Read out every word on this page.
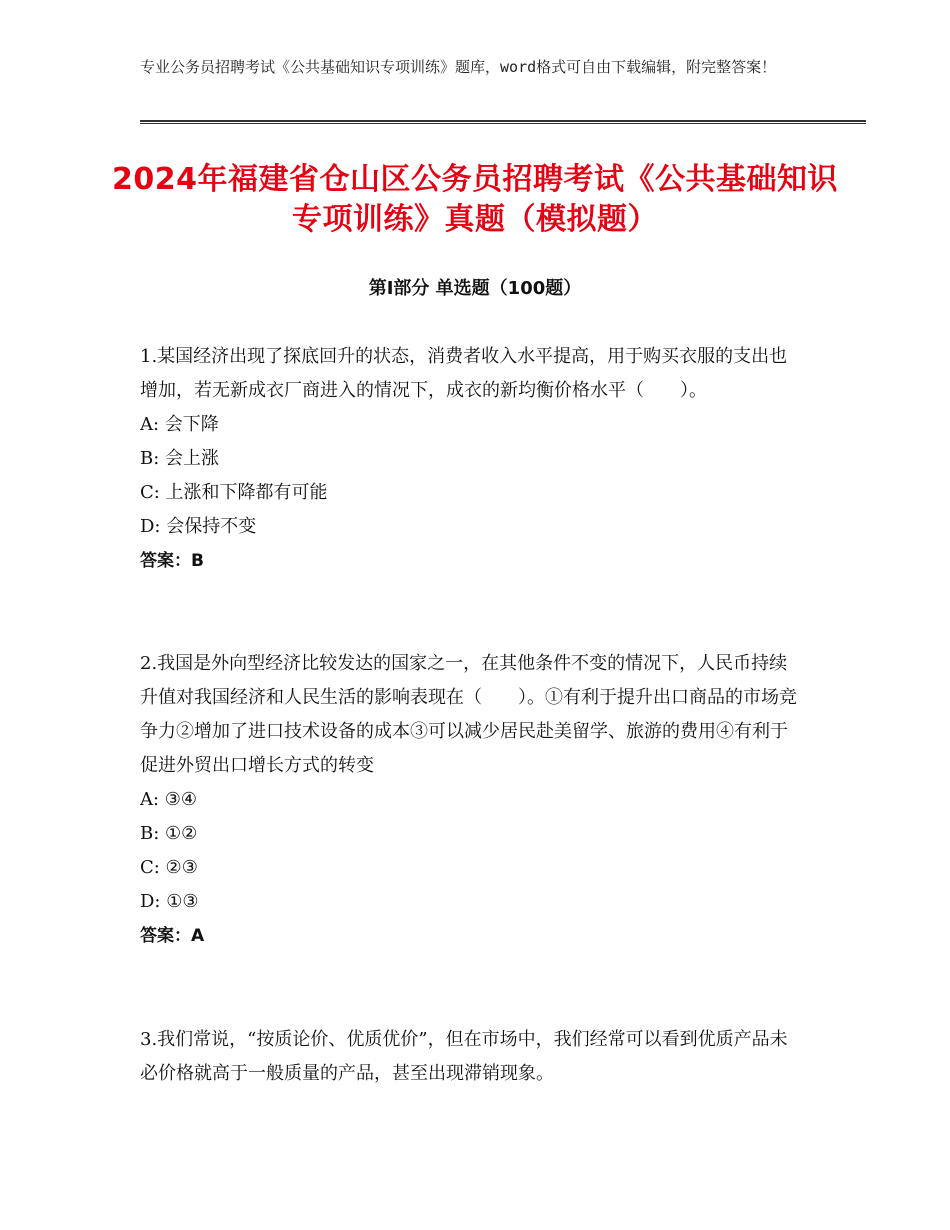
专业公务员招聘考试《公共基础知识专项训练》题库，word格式可自由下载编辑，附完整答案！
2024年福建省仓山区公务员招聘考试《公共基础知识专项训练》真题（模拟题）
第I部分 单选题（100题）

1.某国经济出现了探底回升的状态，消费者收入水平提高，用于购买衣服的支出也增加，若无新成衣厂商进入的情况下，成衣的新均衡价格水平（　　）。

A: 会下降

B: 会上涨

C: 上涨和下降都有可能

D: 会保持不变

答案：B

2.我国是外向型经济比较发达的国家之一，在其他条件不变的情况下，人民币持续升值对我国经济和人民生活的影响表现在（　　）。①有利于提升出口商品的市场竞争力②增加了进口技术设备的成本③可以减少居民赴美留学、旅游的费用④有利于促进外贸出口增长方式的转变

A: ③④

B: ①②

C: ②③

D: ①③

答案：A

3.我们常说，“按质论价、优质优价”，但在市场中，我们经常可以看到优质产品未必价格就高于一般质量的产品，甚至出现滞销现象。
